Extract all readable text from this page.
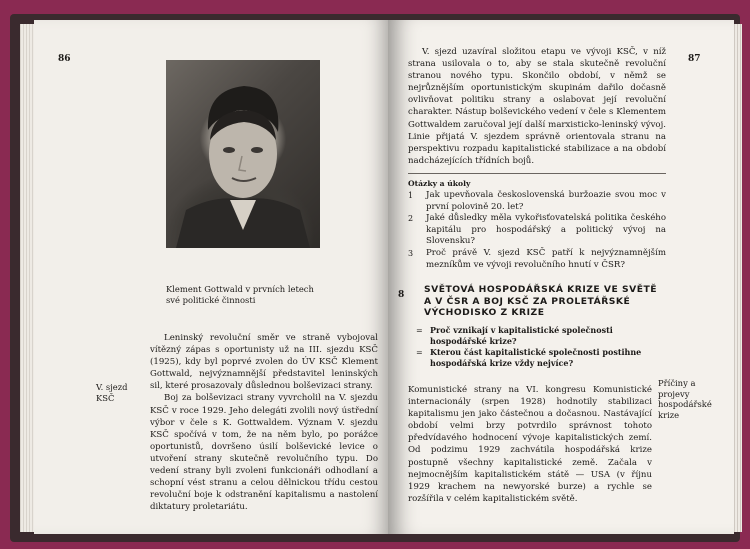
86
Klement Gottwald v prvních letech své politické činnosti
V. sjezd KSČ

Leninský revoluční směr ve straně vybojoval vítězný zápas s oportunisty už na III. sjezdu KSČ (1925), kdy byl poprvé zvolen do ÚV KSČ Klement Gottwald, nejvýznamnější představitel leninských sil, které prosazovaly důslednou bolševizaci strany.

Boj za bolševizaci strany vyvrcholil na V. sjezdu KSČ v roce 1929. Jeho delegáti zvolili nový ústřední výbor v čele s K. Gottwaldem. Význam V. sjezdu KSČ spočívá v tom, že na něm bylo, po porážce oportunistů, dovršeno úsilí bolševické levice o utvoření strany skutečně revolučního typu. Do vedení strany byli zvoleni funkcionáři odhodlaní a schopní vést stranu a celou dělnickou třídu cestou revoluční boje k odstranění kapitalismu a nastolení diktatury proletariátu.

87

V. sjezd uzavíral složitou etapu ve vývoji KSČ, v níž strana usilovala o to, aby se stala skutečně revoluční stranou nového typu. Skončilo období, v němž se nejrůznějším oportunistickým skupinám dařilo dočasně ovlivňovat politiku strany a oslabovat její revoluční charakter. Nástup bolševického vedení v čele s Klementem Gottwaldem zaručoval její další marxisticko-leninský vývoj. Linie přijatá V. sjezdem správně orientovala stranu na perspektivu rozpadu kapitalistické stabilizace a na období nadcházejících třídních bojů.

Otázky a úkoly
1 Jak upevňovala československá buržoazie svou moc v první polovině 20. let?
2 Jaké důsledky měla vykořisťovatelská politika českého kapitálu pro hospodářský a politický vývoj na Slovensku?
3 Proč právě V. sjezd KSČ patří k nejvýznamnějším mezníkům ve vývoji revolučního hnutí v ČSR?
Příčiny a projevy hospodářské krize

Komunistické strany na VI. kongresu Komunistické internacionály (srpen 1928) hodnotily stabilizaci kapitalismu jen jako částečnou a dočasnou. Nastávající období velmi brzy potvrdilo správnost tohoto předvídavého hodnocení vývoje kapitalistických zemí. Od podzimu 1929 zachvátila hospodářská krize postupně všechny kapitalistické země. Začala v nejmocnějším kapitalistickém státě — USA (v říjnu 1929 krachem na newyorské burze) a rychle se rozšířila v celém kapitalistickém světě.

8 SVĚTOVÁ HOSPODÁŘSKÁ KRIZE VE SVĚTĚ A V ČSR A BOJ KSČ ZA PROLETÁŘSKÉ VÝCHODISKO Z KRIZE
= Proč vznikají v kapitalistické společnosti hospodářské krize?
= Kterou část kapitalistické společnosti postihne hospodářská krize vždy nejvíce?
